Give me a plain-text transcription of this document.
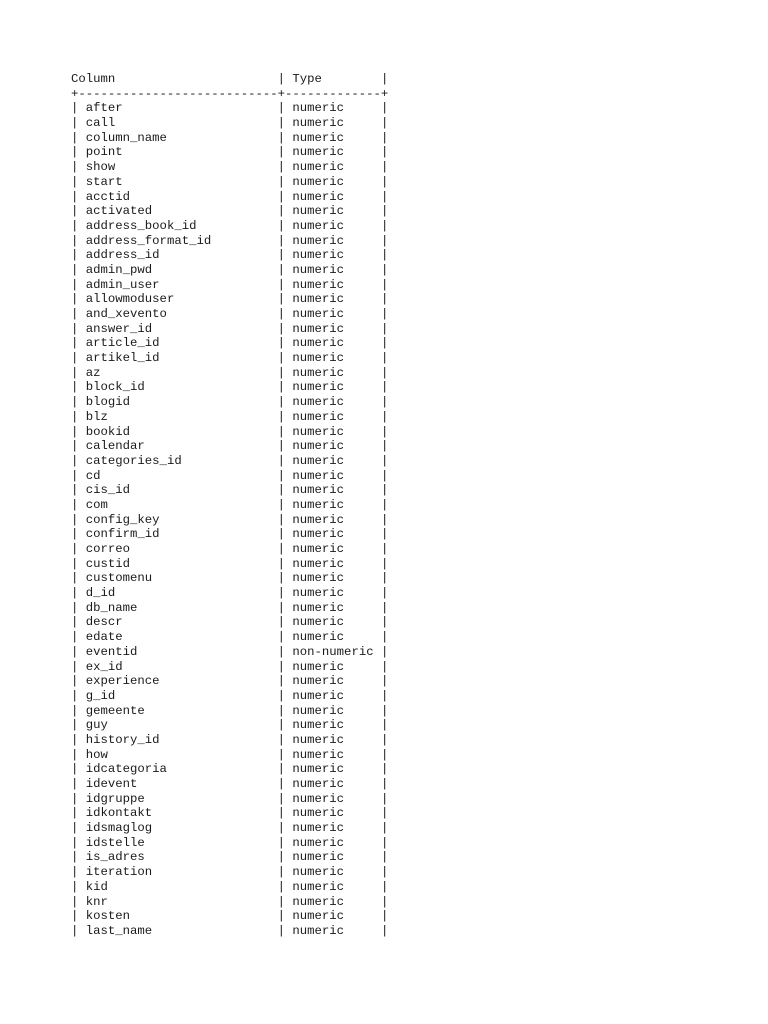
Column                      | Type        |
+---------------------------+-------------+
| after                     | numeric     |
| call                      | numeric     |
| column_name               | numeric     |
| point                     | numeric     |
| show                      | numeric     |
| start                     | numeric     |
| acctid                    | numeric     |
| activated                 | numeric     |
| address_book_id           | numeric     |
| address_format_id         | numeric     |
| address_id                | numeric     |
| admin_pwd                 | numeric     |
| admin_user                | numeric     |
| allowmoduser              | numeric     |
| and_xevento               | numeric     |
| answer_id                 | numeric     |
| article_id                | numeric     |
| artikel_id                | numeric     |
| az                        | numeric     |
| block_id                  | numeric     |
| blogid                    | numeric     |
| blz                       | numeric     |
| bookid                    | numeric     |
| calendar                  | numeric     |
| categories_id             | numeric     |
| cd                        | numeric     |
| cis_id                    | numeric     |
| com                       | numeric     |
| config_key                | numeric     |
| confirm_id                | numeric     |
| correo                    | numeric     |
| custid                    | numeric     |
| customenu                 | numeric     |
| d_id                      | numeric     |
| db_name                   | numeric     |
| descr                     | numeric     |
| edate                     | numeric     |
| eventid                   | non-numeric |
| ex_id                     | numeric     |
| experience                | numeric     |
| g_id                      | numeric     |
| gemeente                  | numeric     |
| guy                       | numeric     |
| history_id                | numeric     |
| how                       | numeric     |
| idcategoria               | numeric     |
| idevent                   | numeric     |
| idgruppe                  | numeric     |
| idkontakt                 | numeric     |
| idsmaglog                 | numeric     |
| idstelle                  | numeric     |
| is_adres                  | numeric     |
| iteration                 | numeric     |
| kid                       | numeric     |
| knr                       | numeric     |
| kosten                    | numeric     |
| last_name                 | numeric     |
